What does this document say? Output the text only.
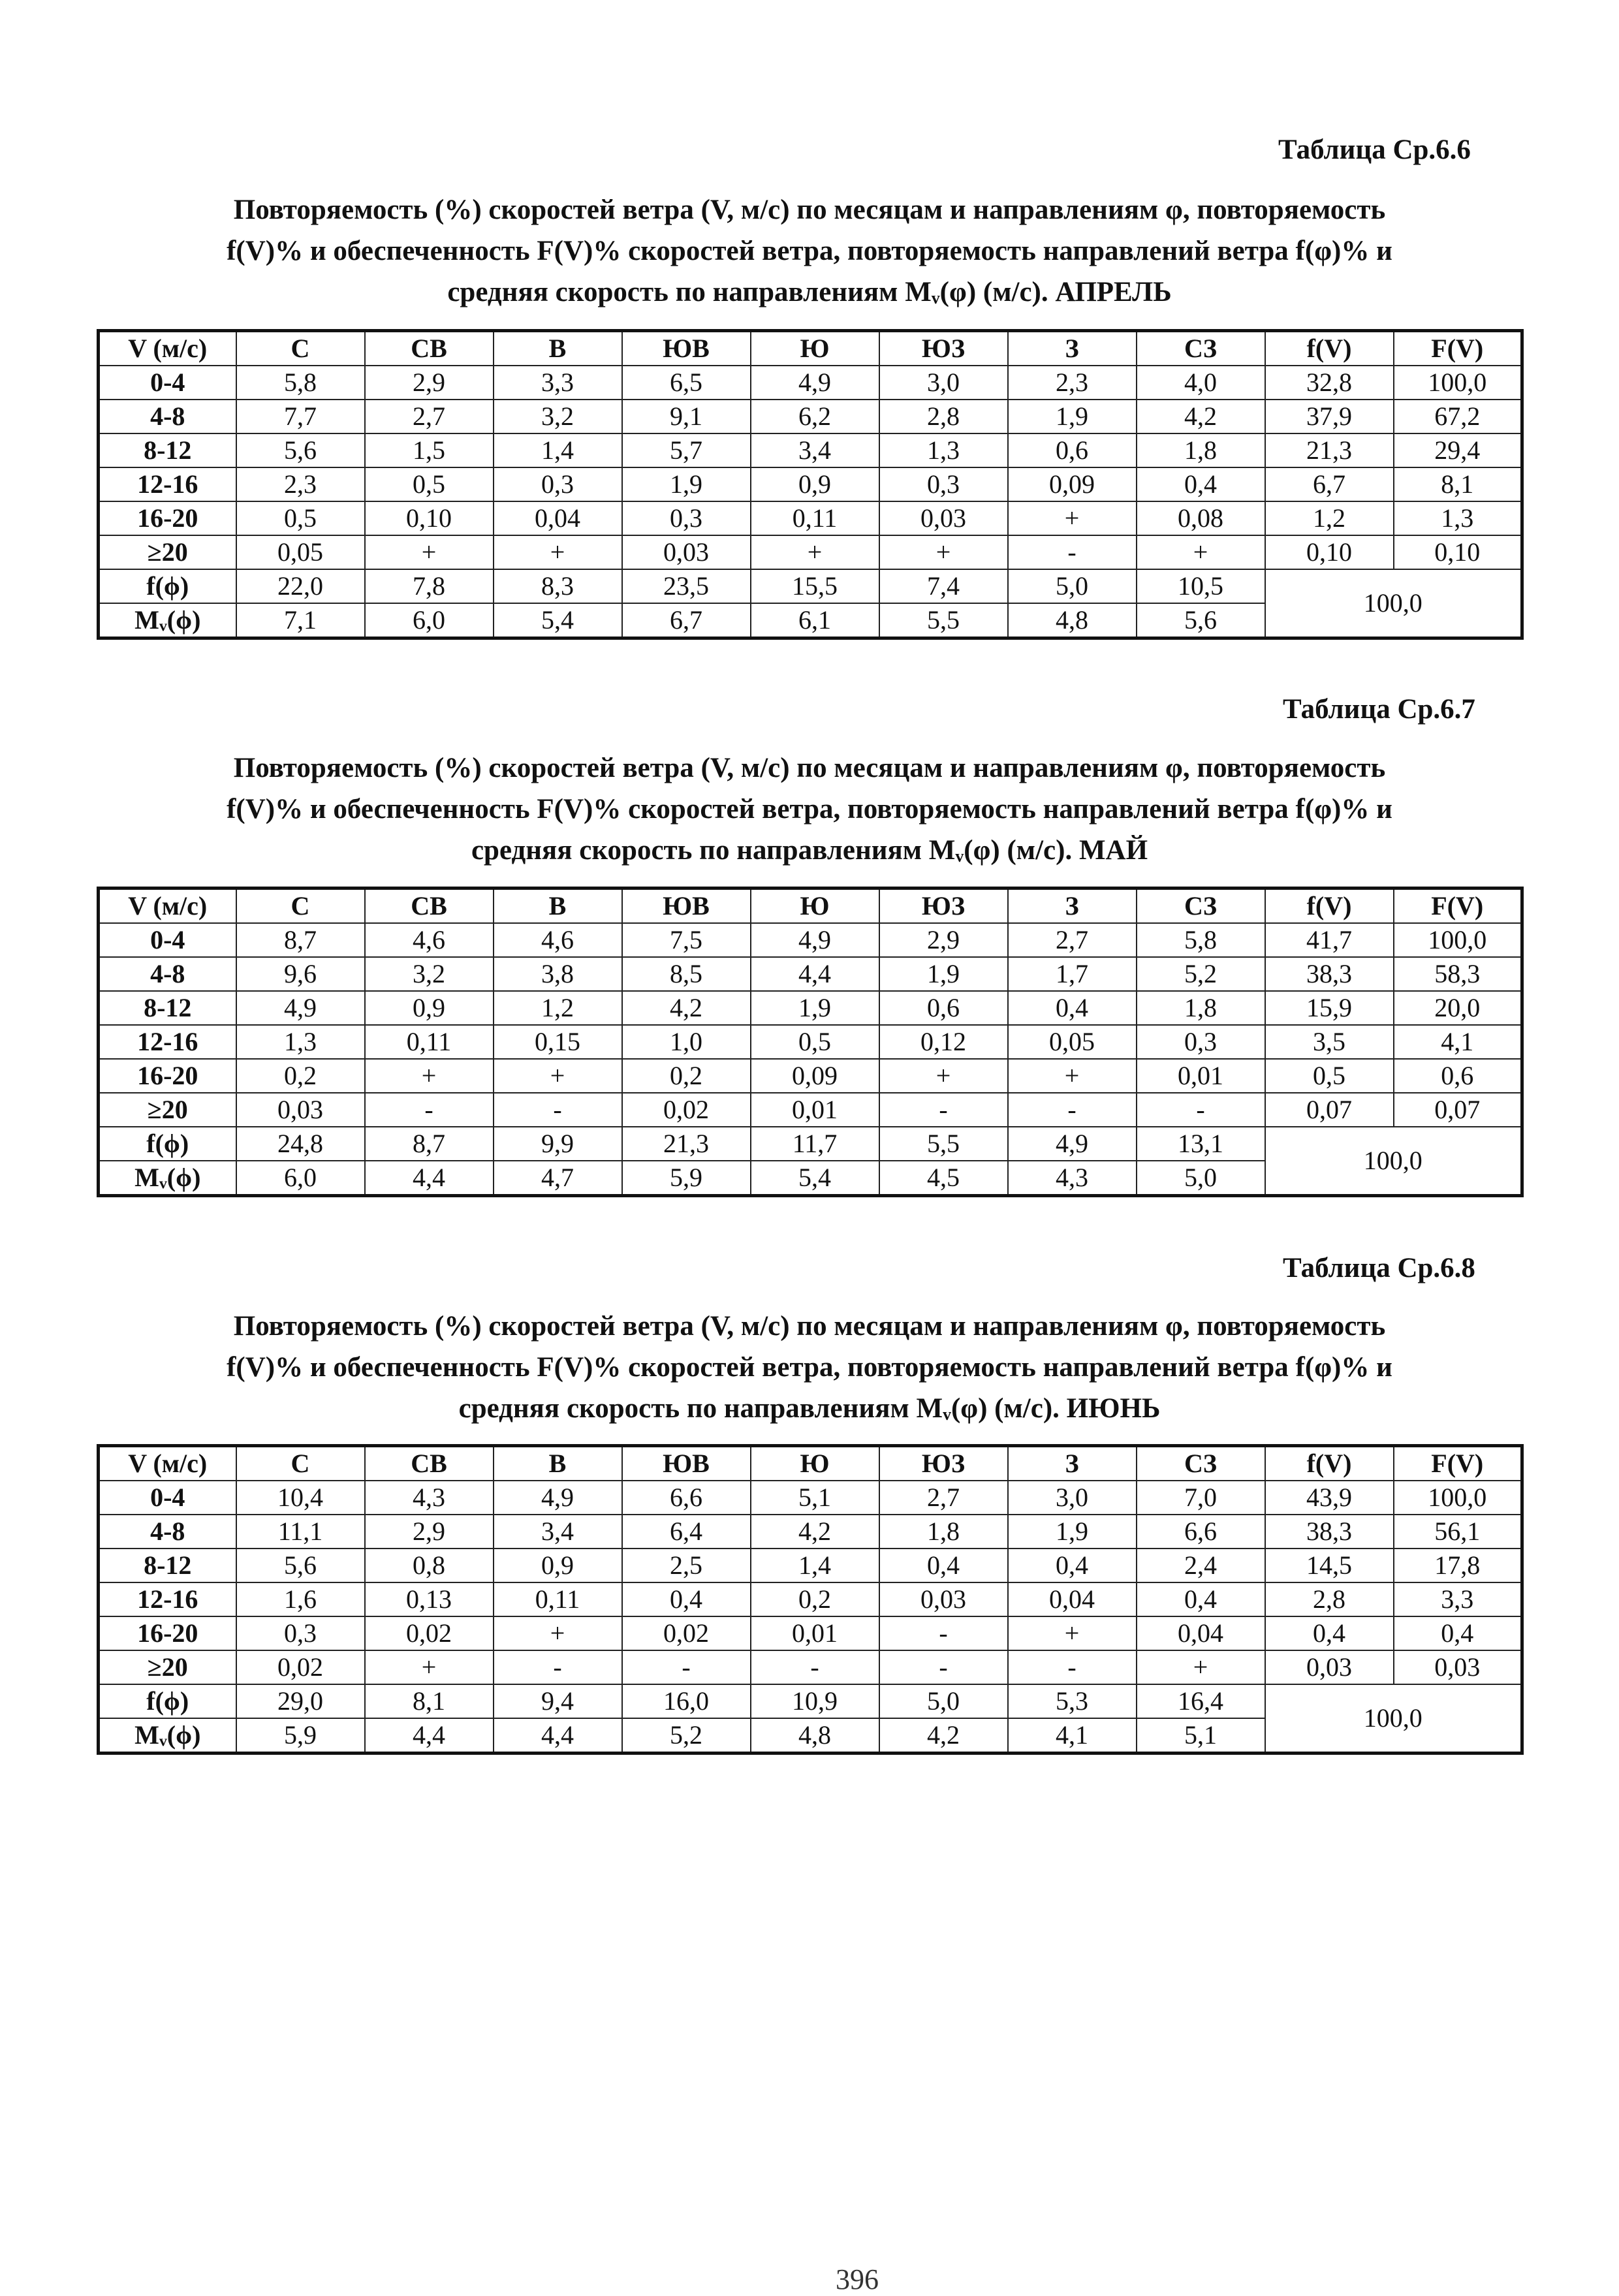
Таблица Ср.6.6
Повторяемость (%) скоростей ветра (V, м/с) по месяцам и направлениям φ, повторяемость
f(V)% и обеспеченность F(V)% скоростей ветра, повторяемость направлений ветра f(φ)% и
средняя скорость по направлениям Mᵥ(φ) (м/с). АПРЕЛЬ
V (м/с)	С	СВ	В	ЮВ	Ю	ЮЗ	З	СЗ	f(V)	F(V)
0-4	5,8	2,9	3,3	6,5	4,9	3,0	2,3	4,0	32,8	100,0
4-8	7,7	2,7	3,2	9,1	6,2	2,8	1,9	4,2	37,9	67,2
8-12	5,6	1,5	1,4	5,7	3,4	1,3	0,6	1,8	21,3	29,4
12-16	2,3	0,5	0,3	1,9	0,9	0,3	0,09	0,4	6,7	8,1
16-20	0,5	0,10	0,04	0,3	0,11	0,03	+	0,08	1,2	1,3
≥20	0,05	+	+	0,03	+	+	-	+	0,10	0,10
f(ϕ)	22,0	7,8	8,3	23,5	15,5	7,4	5,0	10,5	100,0	
Mᵥ(ϕ)	7,1	6,0	5,4	6,7	6,1	5,5	4,8	5,6		
Таблица Ср.6.7
Повторяемость (%) скоростей ветра (V, м/с) по месяцам и направлениям φ, повторяемость
f(V)% и обеспеченность F(V)% скоростей ветра, повторяемость направлений ветра f(φ)% и
средняя скорость по направлениям Mᵥ(φ) (м/с). МАЙ
V (м/с)	С	СВ	В	ЮВ	Ю	ЮЗ	З	СЗ	f(V)	F(V)
0-4	8,7	4,6	4,6	7,5	4,9	2,9	2,7	5,8	41,7	100,0
4-8	9,6	3,2	3,8	8,5	4,4	1,9	1,7	5,2	38,3	58,3
8-12	4,9	0,9	1,2	4,2	1,9	0,6	0,4	1,8	15,9	20,0
12-16	1,3	0,11	0,15	1,0	0,5	0,12	0,05	0,3	3,5	4,1
16-20	0,2	+	+	0,2	0,09	+	+	0,01	0,5	0,6
≥20	0,03	-	-	0,02	0,01	-	-	-	0,07	0,07
f(ϕ)	24,8	8,7	9,9	21,3	11,7	5,5	4,9	13,1	100,0	
Mᵥ(ϕ)	6,0	4,4	4,7	5,9	5,4	4,5	4,3	5,0		
Таблица Ср.6.8
Повторяемость (%) скоростей ветра (V, м/с) по месяцам и направлениям φ, повторяемость
f(V)% и обеспеченность F(V)% скоростей ветра, повторяемость направлений ветра f(φ)% и
средняя скорость по направлениям Mᵥ(φ) (м/с). ИЮНЬ
V (м/с)	С	СВ	В	ЮВ	Ю	ЮЗ	З	СЗ	f(V)	F(V)
0-4	10,4	4,3	4,9	6,6	5,1	2,7	3,0	7,0	43,9	100,0
4-8	11,1	2,9	3,4	6,4	4,2	1,8	1,9	6,6	38,3	56,1
8-12	5,6	0,8	0,9	2,5	1,4	0,4	0,4	2,4	14,5	17,8
12-16	1,6	0,13	0,11	0,4	0,2	0,03	0,04	0,4	2,8	3,3
16-20	0,3	0,02	+	0,02	0,01	-	+	0,04	0,4	0,4
≥20	0,02	+	-	-	-	-	-	+	0,03	0,03
f(ϕ)	29,0	8,1	9,4	16,0	10,9	5,0	5,3	16,4	100,0	
Mᵥ(ϕ)	5,9	4,4	4,4	5,2	4,8	4,2	4,1	5,1		
396
